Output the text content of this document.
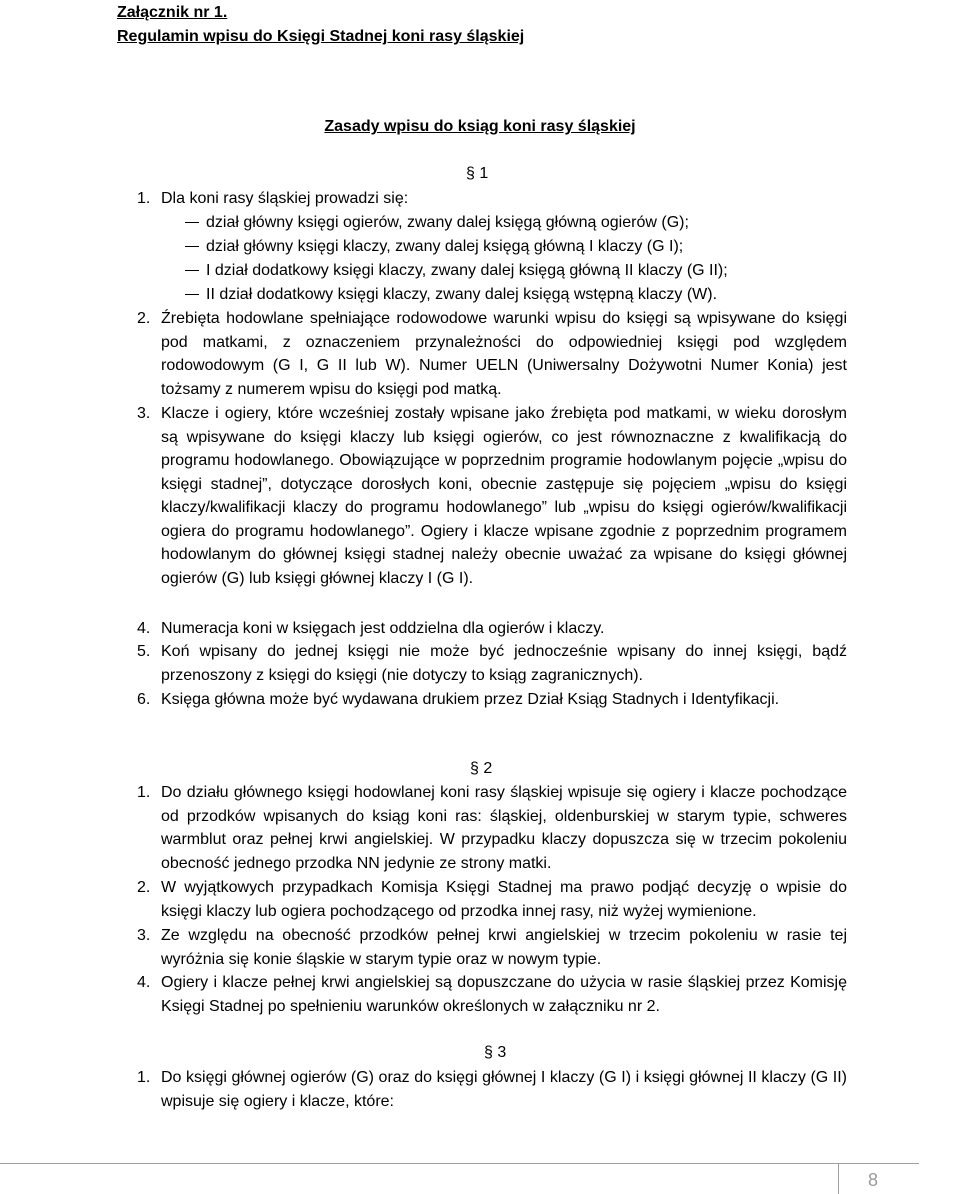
Załącznik nr 1.
Regulamin wpisu do Księgi Stadnej koni rasy śląskiej
Zasady wpisu do ksiąg koni rasy śląskiej
§ 1
1. Dla koni rasy śląskiej prowadzi się:
dział główny księgi ogierów, zwany dalej księgą główną ogierów (G);
dział główny księgi klaczy, zwany dalej księgą główną I klaczy (G I);
I dział dodatkowy księgi klaczy, zwany dalej księgą główną II klaczy (G II);
II dział dodatkowy księgi klaczy, zwany dalej księgą wstępną klaczy (W).
2. Źrebięta hodowlane spełniające rodowodowe warunki wpisu do księgi są wpisywane do księgi pod matkami, z oznaczeniem przynależności do odpowiedniej księgi pod względem rodowodowym (G I, G II lub W). Numer UELN (Uniwersalny Dożywotni Numer Konia) jest tożsamy z numerem wpisu do księgi pod matką.
3. Klacze i ogiery, które wcześniej zostały wpisane jako źrebięta pod matkami, w wieku dorosłym są wpisywane do księgi klaczy lub księgi ogierów, co jest równoznaczne z kwalifikacją do programu hodowlanego. Obowiązujące w poprzednim programie hodowlanym pojęcie „wpisu do księgi stadnej”, dotyczące dorosłych koni, obecnie zastępuje się pojęciem „wpisu do księgi klaczy/kwalifikacji klaczy do programu hodowlanego” lub „wpisu do księgi ogierów/kwalifikacji ogiera do programu hodowlanego”. Ogiery i klacze wpisane zgodnie z poprzednim programem hodowlanym do głównej księgi stadnej należy obecnie uważać za wpisane do księgi głównej ogierów (G) lub księgi głównej klaczy I (G I).
4. Numeracja koni w księgach jest oddzielna dla ogierów i klaczy.
5. Koń wpisany do jednej księgi nie może być jednocześnie wpisany do innej księgi, bądź przenoszony z księgi do księgi (nie dotyczy to ksiąg zagranicznych).
6. Księga główna może być wydawana drukiem przez Dział Ksiąg Stadnych i Identyfikacji.
§ 2
1. Do działu głównego księgi hodowlanej koni rasy śląskiej wpisuje się ogiery i klacze pochodzące od przodków wpisanych do ksiąg koni ras: śląskiej, oldenburskiej w starym typie, schweres warmblut oraz pełnej krwi angielskiej. W przypadku klaczy dopuszcza się w trzecim pokoleniu obecność jednego przodka NN jedynie ze strony matki.
2. W wyjątkowych przypadkach Komisja Księgi Stadnej ma prawo podjąć decyzję o wpisie do księgi klaczy lub ogiera pochodzącego od przodka innej rasy, niż wyżej wymienione.
3. Ze względu na obecność przodków pełnej krwi angielskiej w trzecim pokoleniu w rasie tej wyróżnia się konie śląskie w starym typie oraz w nowym typie.
4. Ogiery i klacze pełnej krwi angielskiej są dopuszczane do użycia w rasie śląskiej przez Komisję Księgi Stadnej po spełnieniu warunków określonych w załączniku nr 2.
§ 3
1. Do księgi głównej ogierów (G) oraz do księgi głównej I klaczy (G I) i księgi głównej II klaczy (G II) wpisuje się ogiery i klacze, które:
8
